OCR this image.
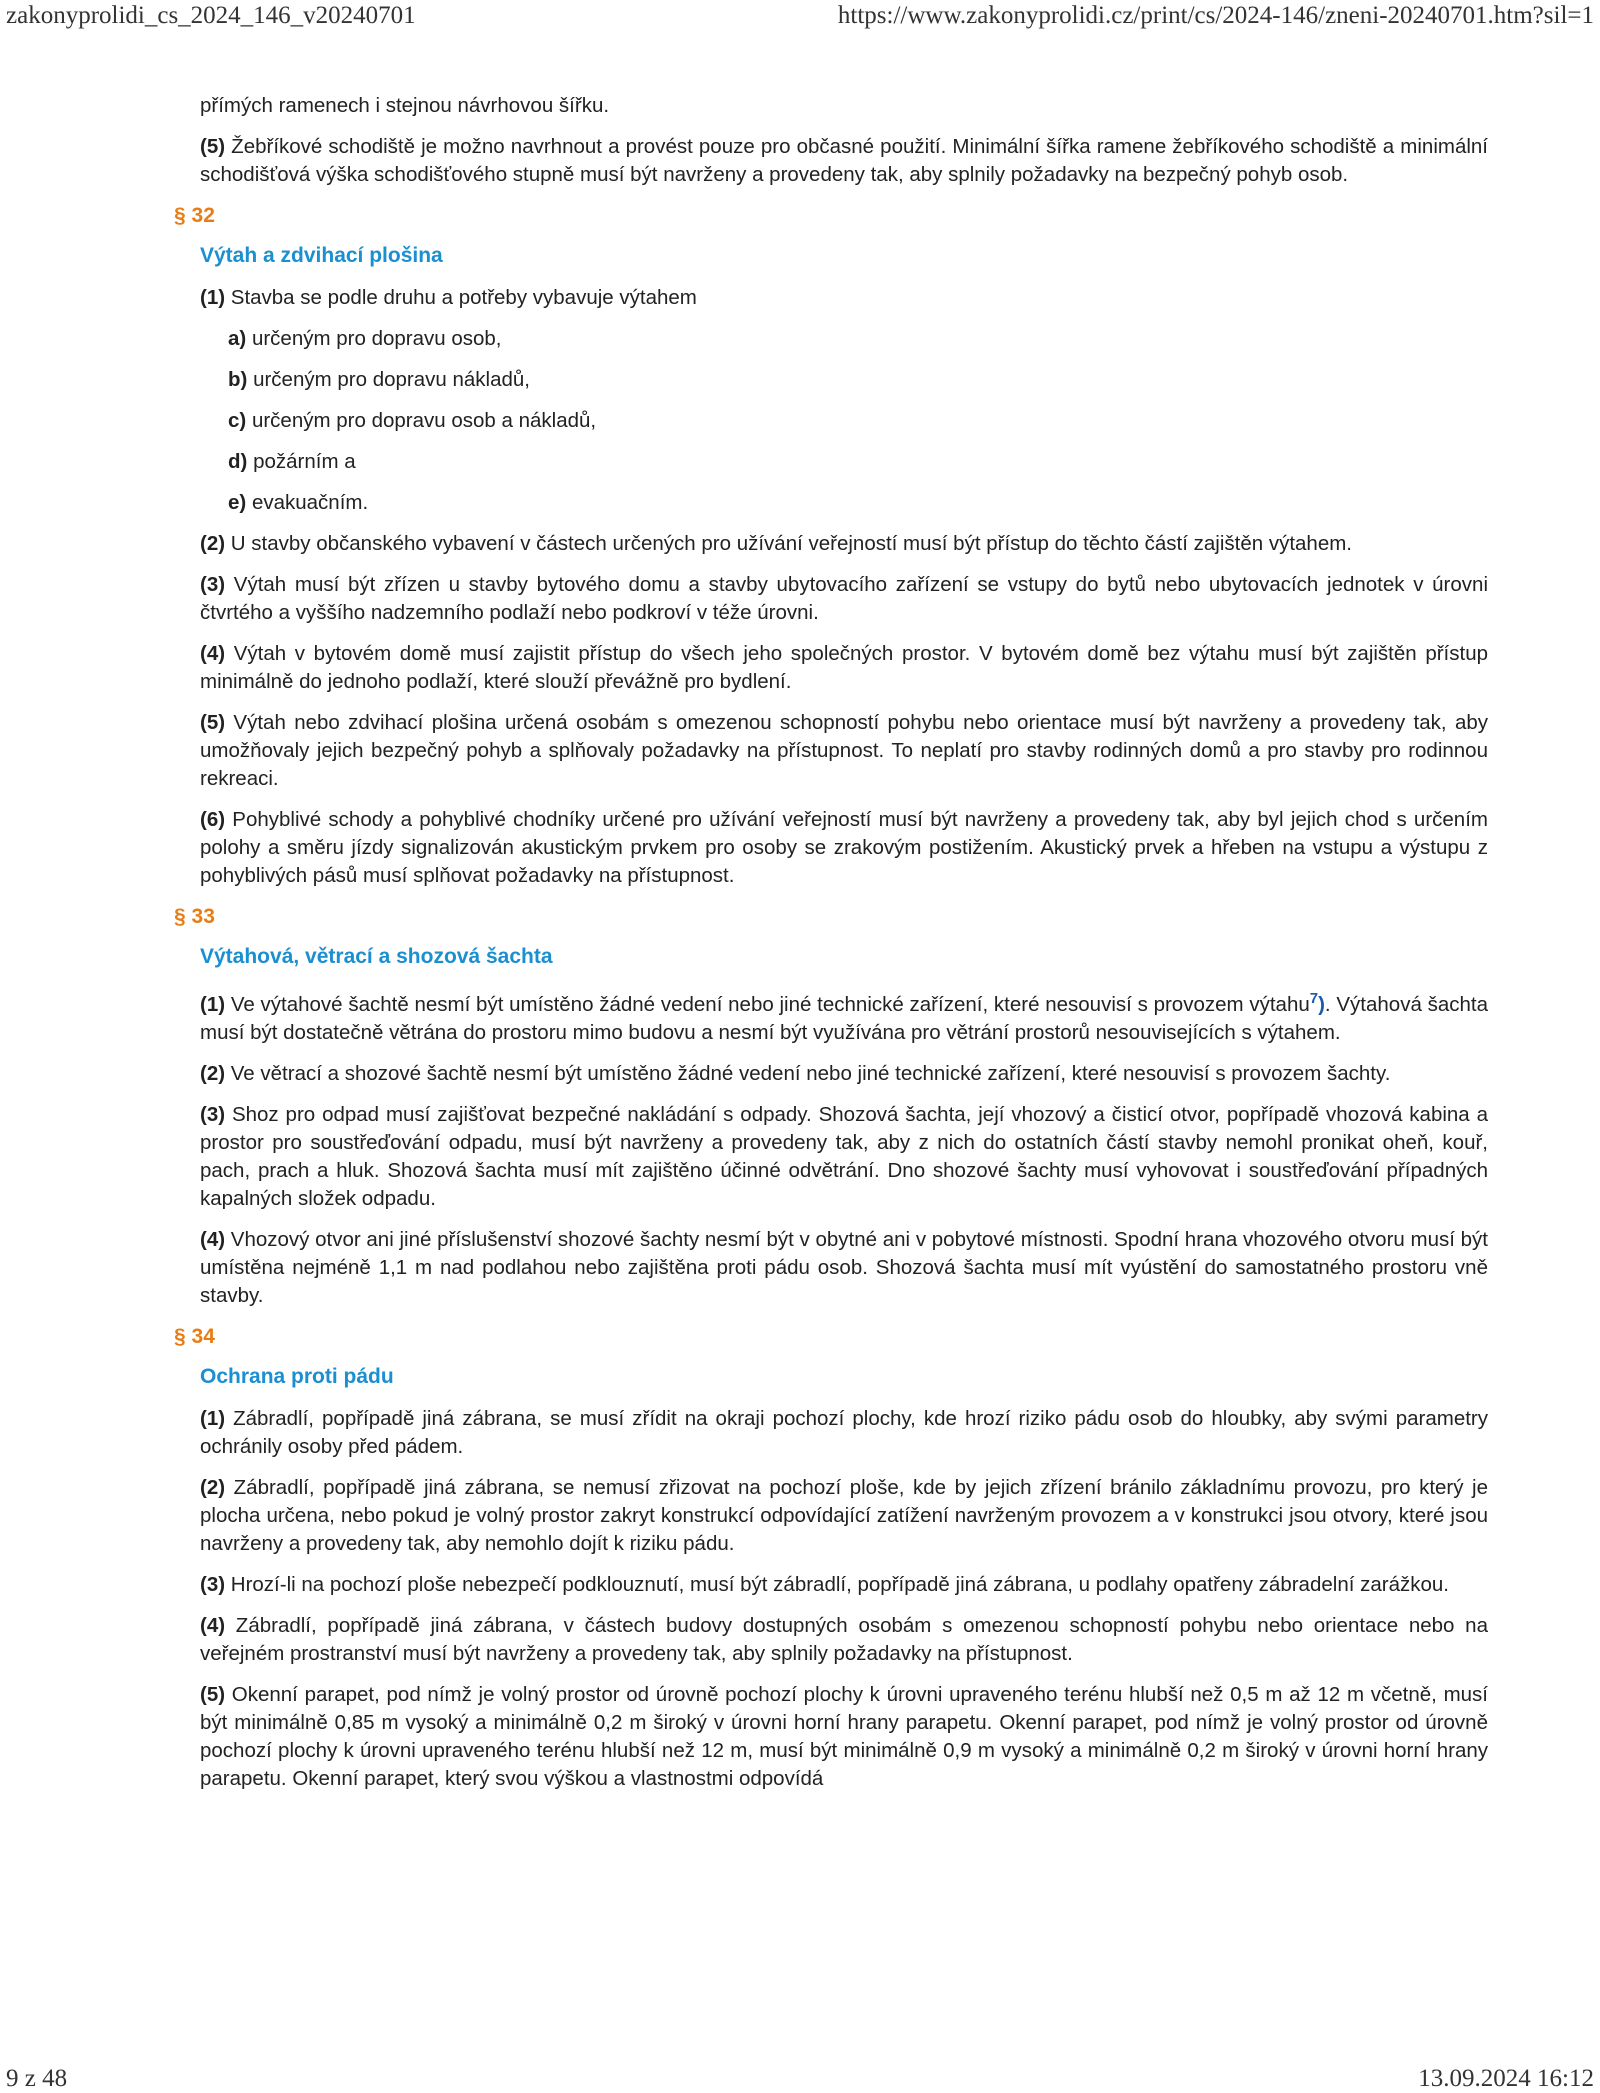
zakonyprolidi_cs_2024_146_v20240701	https://www.zakonyprolidi.cz/print/cs/2024-146/zneni-20240701.htm?sil=1

přímých ramenech i stejnou návrhovou šířku.

(5) Žebříkové schodiště je možno navrhnout a provést pouze pro občasné použití. Minimální šířka ramene žebříkového schodiště a minimální schodišťová výška schodišťového stupně musí být navrženy a provedeny tak, aby splnily požadavky na bezpečný pohyb osob.

§ 32
Výtah a zdvihací plošina

(1) Stavba se podle druhu a potřeby vybavuje výtahem

a) určeným pro dopravu osob,
b) určeným pro dopravu nákladů,
c) určeným pro dopravu osob a nákladů,
d) požárním a
e) evakuačním.

(2) U stavby občanského vybavení v částech určených pro užívání veřejností musí být přístup do těchto částí zajištěn výtahem.

(3) Výtah musí být zřízen u stavby bytového domu a stavby ubytovacího zařízení se vstupy do bytů nebo ubytovacích jednotek v úrovni čtvrtého a vyššího nadzemního podlaží nebo podkroví v téže úrovni.

(4) Výtah v bytovém domě musí zajistit přístup do všech jeho společných prostor. V bytovém domě bez výtahu musí být zajištěn přístup minimálně do jednoho podlaží, které slouží převážně pro bydlení.

(5) Výtah nebo zdvihací plošina určená osobám s omezenou schopností pohybu nebo orientace musí být navrženy a provedeny tak, aby umožňovaly jejich bezpečný pohyb a splňovaly požadavky na přístupnost. To neplatí pro stavby rodinných domů a pro stavby pro rodinnou rekreaci.

(6) Pohyblivé schody a pohyblivé chodníky určené pro užívání veřejností musí být navrženy a provedeny tak, aby byl jejich chod s určením polohy a směru jízdy signalizován akustickým prvkem pro osoby se zrakovým postižením. Akustický prvek a hřeben na vstupu a výstupu z pohyblivých pásů musí splňovat požadavky na přístupnost.

§ 33
Výtahová, větrací a shozová šachta

(1) Ve výtahové šachtě nesmí být umístěno žádné vedení nebo jiné technické zařízení, které nesouvisí s provozem výtahu$^7$). Výtahová šachta musí být dostatečně větrána do prostoru mimo budovu a nesmí být využívána pro větrání prostorů nesouvisejících s výtahem.

(2) Ve větrací a shozové šachtě nesmí být umístěno žádné vedení nebo jiné technické zařízení, které nesouvisí s provozem šachty.

(3) Shoz pro odpad musí zajišťovat bezpečné nakládání s odpady. Shozová šachta, její vhozový a čisticí otvor, popřípadě vhozová kabina a prostor pro soustřeďování odpadu, musí být navrženy a provedeny tak, aby z nich do ostatních částí stavby nemohl pronikat oheň, kouř, pach, prach a hluk. Shozová šachta musí mít zajištěno účinné odvětrání. Dno shozové šachty musí vyhovovat i soustřeďování případných kapalných složek odpadu.

(4) Vhozový otvor ani jiné příslušenství shozové šachty nesmí být v obytné ani v pobytové místnosti. Spodní hrana vhozového otvoru musí být umístěna nejméně 1,1 m nad podlahou nebo zajištěna proti pádu osob. Shozová šachta musí mít vyústění do samostatného prostoru vně stavby.

§ 34
Ochrana proti pádu

(1) Zábradlí, popřípadě jiná zábrana, se musí zřídit na okraji pochozí plochy, kde hrozí riziko pádu osob do hloubky, aby svými parametry ochránily osoby před pádem.

(2) Zábradlí, popřípadě jiná zábrana, se nemusí zřizovat na pochozí ploše, kde by jejich zřízení bránilo základnímu provozu, pro který je plocha určena, nebo pokud je volný prostor zakryt konstrukcí odpovídající zatížení navrženým provozem a v konstrukci jsou otvory, které jsou navrženy a provedeny tak, aby nemohlo dojít k riziku pádu.

(3) Hrozí-li na pochozí ploše nebezpečí podklouznutí, musí být zábradlí, popřípadě jiná zábrana, u podlahy opatřeny zábradelní zarážkou.

(4) Zábradlí, popřípadě jiná zábrana, v částech budovy dostupných osobám s omezenou schopností pohybu nebo orientace nebo na veřejném prostranství musí být navrženy a provedeny tak, aby splnily požadavky na přístupnost.

(5) Okenní parapet, pod nímž je volný prostor od úrovně pochozí plochy k úrovni upraveného terénu hlubší než 0,5 m až 12 m včetně, musí být minimálně 0,85 m vysoký a minimálně 0,2 m široký v úrovni horní hrany parapetu. Okenní parapet, pod nímž je volný prostor od úrovně pochozí plochy k úrovni upraveného terénu hlubší než 12 m, musí být minimálně 0,9 m vysoký a minimálně 0,2 m široký v úrovni horní hrany parapetu. Okenní parapet, který svou výškou a vlastnostmi odpovídá

9 z 48	13.09.2024 16:12
